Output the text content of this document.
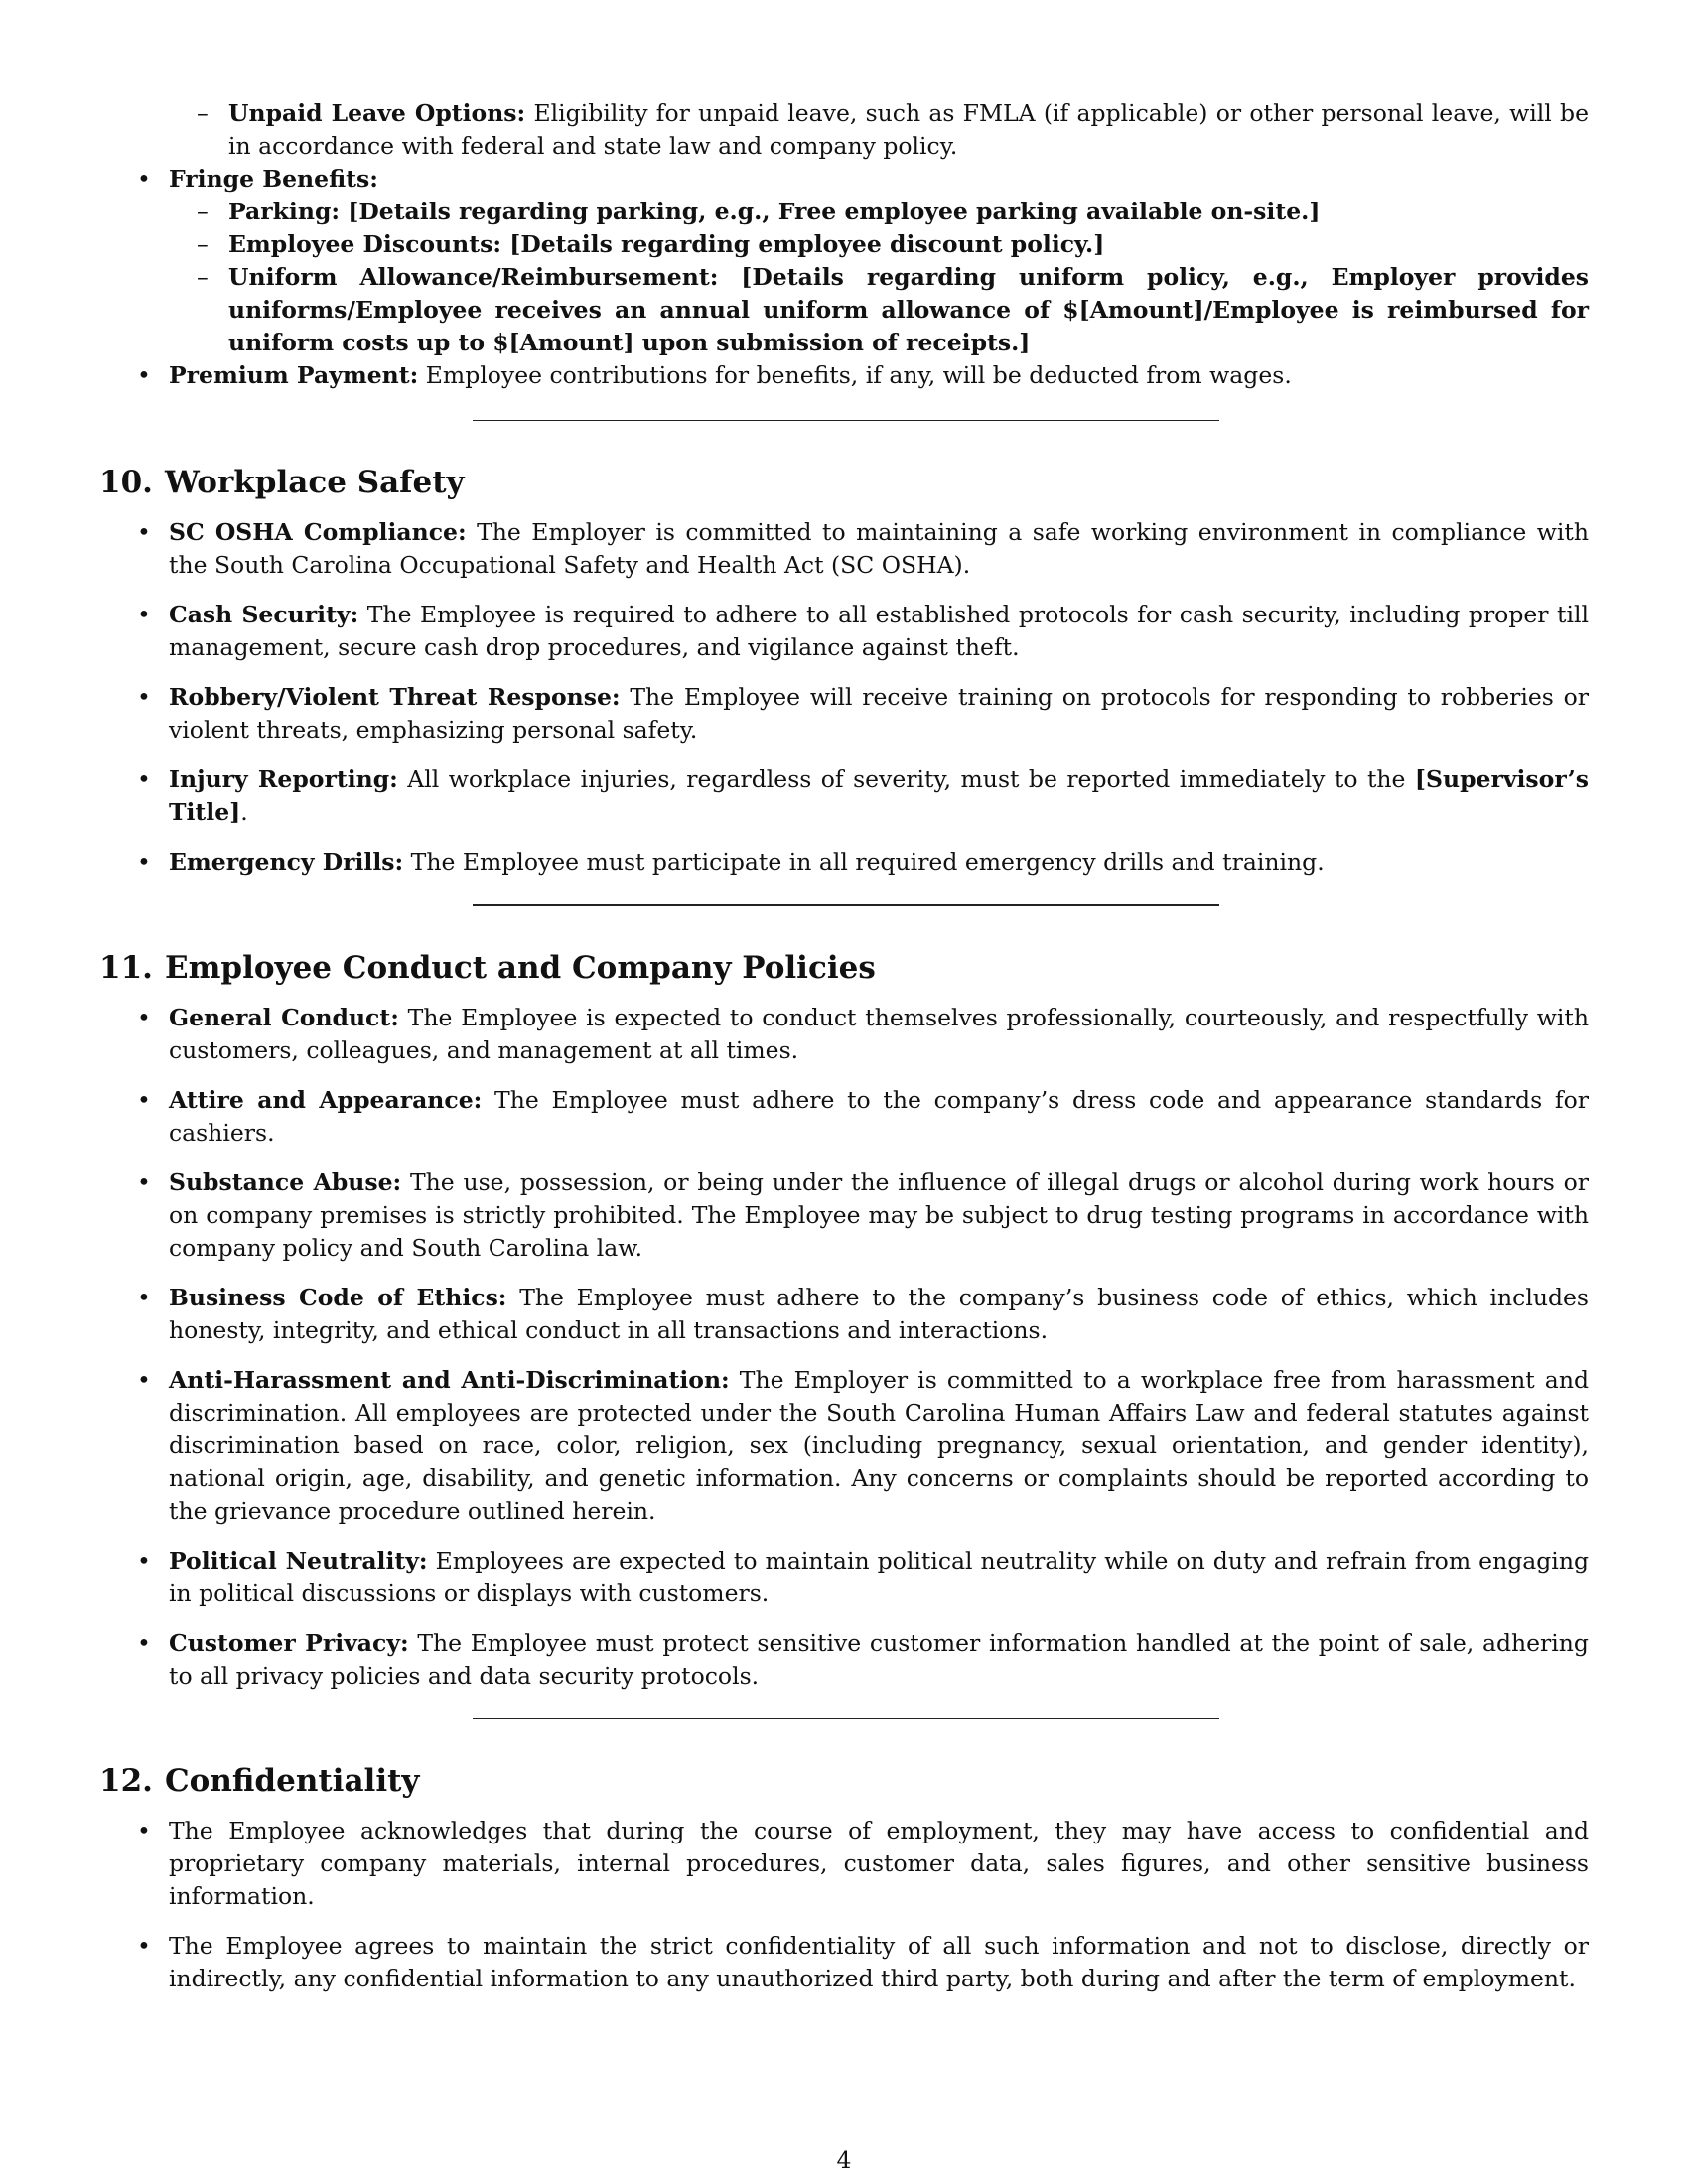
– Unpaid Leave Options: Eligibility for unpaid leave, such as FMLA (if applicable) or other personal leave, will be in accordance with federal and state law and company policy.
• Fringe Benefits:
– Parking: [Details regarding parking, e.g., Free employee parking available on-site.]
– Employee Discounts: [Details regarding employee discount policy.]
– Uniform Allowance/Reimbursement: [Details regarding uniform policy, e.g., Employer provides uniforms/Employee receives an annual uniform allowance of $[Amount]/Employee is reimbursed for uniform costs up to $[Amount] upon submission of receipts.]
• Premium Payment: Employee contributions for benefits, if any, will be deducted from wages.
10. Workplace Safety
• SC OSHA Compliance: The Employer is committed to maintaining a safe working environment in compliance with the South Carolina Occupational Safety and Health Act (SC OSHA).
• Cash Security: The Employee is required to adhere to all established protocols for cash security, including proper till management, secure cash drop procedures, and vigilance against theft.
• Robbery/Violent Threat Response: The Employee will receive training on protocols for responding to robberies or violent threats, emphasizing personal safety.
• Injury Reporting: All workplace injuries, regardless of severity, must be reported immediately to the [Supervisor’s Title].
• Emergency Drills: The Employee must participate in all required emergency drills and training.
11. Employee Conduct and Company Policies
• General Conduct: The Employee is expected to conduct themselves professionally, courteously, and respectfully with customers, colleagues, and management at all times.
• Attire and Appearance: The Employee must adhere to the company’s dress code and appearance standards for cashiers.
• Substance Abuse: The use, possession, or being under the influence of illegal drugs or alcohol during work hours or on company premises is strictly prohibited. The Employee may be subject to drug testing programs in accordance with company policy and South Carolina law.
• Business Code of Ethics: The Employee must adhere to the company’s business code of ethics, which includes honesty, integrity, and ethical conduct in all transactions and interactions.
• Anti-Harassment and Anti-Discrimination: The Employer is committed to a workplace free from harassment and discrimination. All employees are protected under the South Carolina Human Affairs Law and federal statutes against discrimination based on race, color, religion, sex (including pregnancy, sexual orientation, and gender identity), national origin, age, disability, and genetic information. Any concerns or complaints should be reported according to the grievance procedure outlined herein.
• Political Neutrality: Employees are expected to maintain political neutrality while on duty and refrain from engaging in political discussions or displays with customers.
• Customer Privacy: The Employee must protect sensitive customer information handled at the point of sale, adhering to all privacy policies and data security protocols.
12. Confidentiality
• The Employee acknowledges that during the course of employment, they may have access to confidential and proprietary company materials, internal procedures, customer data, sales figures, and other sensitive business information.
• The Employee agrees to maintain the strict confidentiality of all such information and not to disclose, directly or indirectly, any confidential information to any unauthorized third party, both during and after the term of employment.
4
